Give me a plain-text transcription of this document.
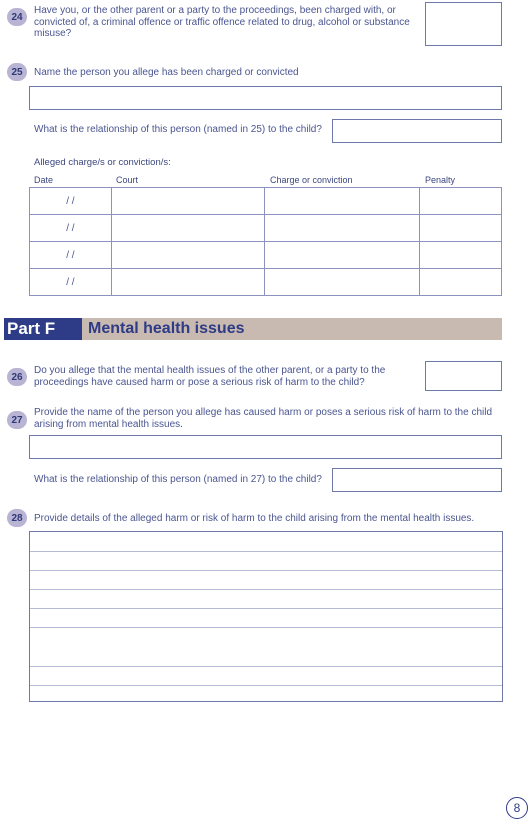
24
Have you, or the other parent or a party to the proceedings, been charged with, or convicted of, a criminal offence or traffic offence related to drug, alcohol or substance misuse?
25	Name the person you allege has been charged or convicted
What is the relationship of this person (named in 25) to the child?
Alleged charge/s or conviction/s:
Date	Court	Charge or conviction	Penalty
/ /			
/ /			
/ /			
/ /			
Part F	Mental health issues
26
Do you allege that the mental health issues of the other parent, or a party to the proceedings have caused harm or pose a serious risk of harm to the child?
27
Provide the name of the person you allege has caused harm or poses a serious risk of harm to the child arising from mental health issues.
What is the relationship of this person (named in 27) to the child?
28	Provide details of the alleged harm or risk of harm to the child arising from the mental health issues.
8
